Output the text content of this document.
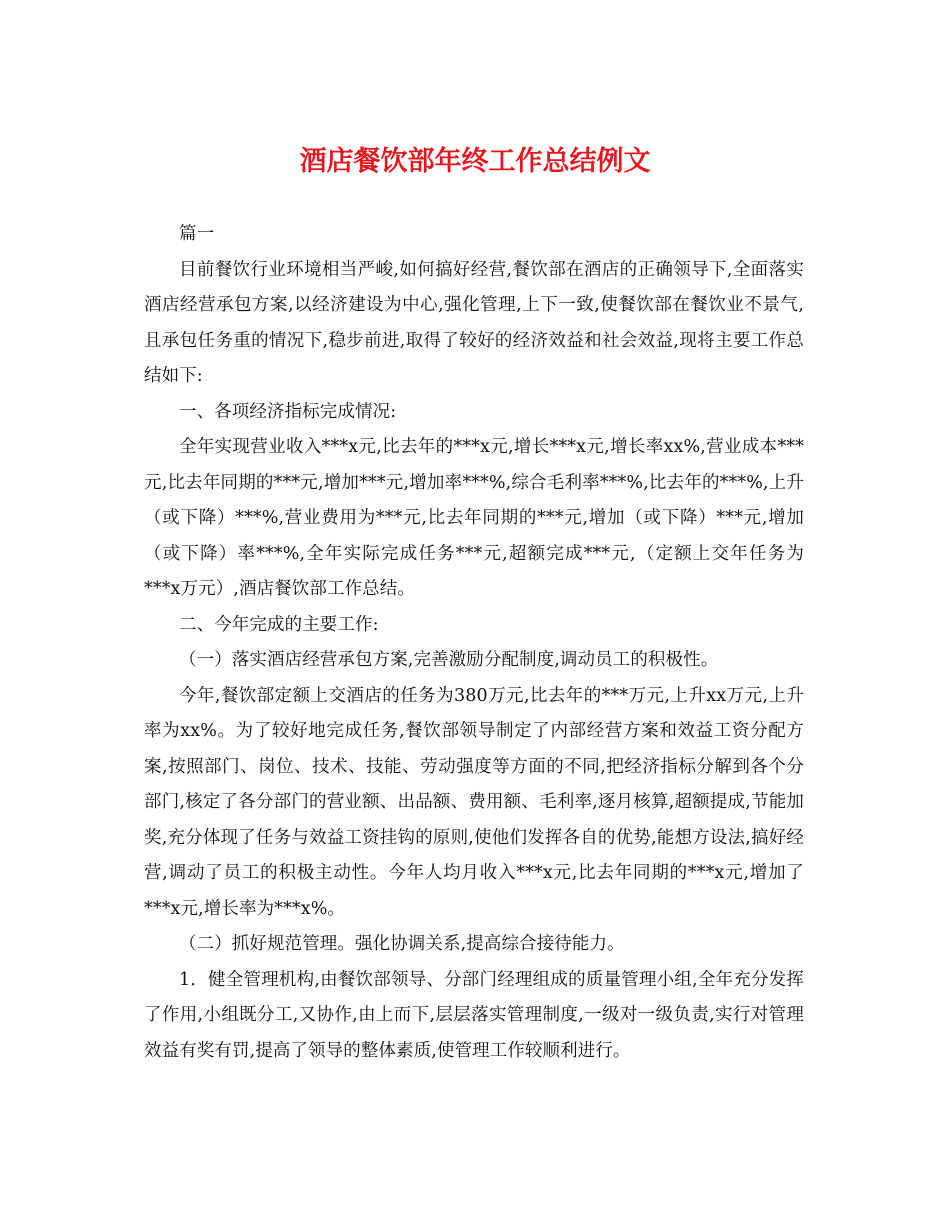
酒店餐饮部年终工作总结例文

篇一

目前餐饮行业环境相当严峻,如何搞好经营,餐饮部在酒店的正确领导下,全面落实酒店经营承包方案,以经济建设为中心,强化管理,上下一致,使餐饮部在餐饮业不景气,且承包任务重的情况下,稳步前进,取得了较好的经济效益和社会效益,现将主要工作总结如下:

一、各项经济指标完成情况:

全年实现营业收入***x元,比去年的***x元,增长***x元,增长率xx%,营业成本***元,比去年同期的***元,增加***元,增加率***%,综合毛利率***%,比去年的***%,上升（或下降）***%,营业费用为***元,比去年同期的***元,增加（或下降）***元,增加（或下降）率***%,全年实际完成任务***元,超额完成***元,（定额上交年任务为***x万元）,酒店餐饮部工作总结。

二、今年完成的主要工作:

（一）落实酒店经营承包方案,完善激励分配制度,调动员工的积极性。

今年,餐饮部定额上交酒店的任务为380万元,比去年的***万元,上升xx万元,上升率为xx%。为了较好地完成任务,餐饮部领导制定了内部经营方案和效益工资分配方案,按照部门、岗位、技术、技能、劳动强度等方面的不同,把经济指标分解到各个分部门,核定了各分部门的营业额、出品额、费用额、毛利率,逐月核算,超额提成,节能加奖,充分体现了任务与效益工资挂钩的原则,使他们发挥各自的优势,能想方设法,搞好经营,调动了员工的积极主动性。今年人均月收入***x元,比去年同期的***x元,增加了***x元,增长率为***x%。

（二）抓好规范管理。强化协调关系,提高综合接待能力。

1．健全管理机构,由餐饮部领导、分部门经理组成的质量管理小组,全年充分发挥了作用,小组既分工,又协作,由上而下,层层落实管理制度,一级对一级负责,实行对管理效益有奖有罚,提高了领导的整体素质,使管理工作较顺利进行。
